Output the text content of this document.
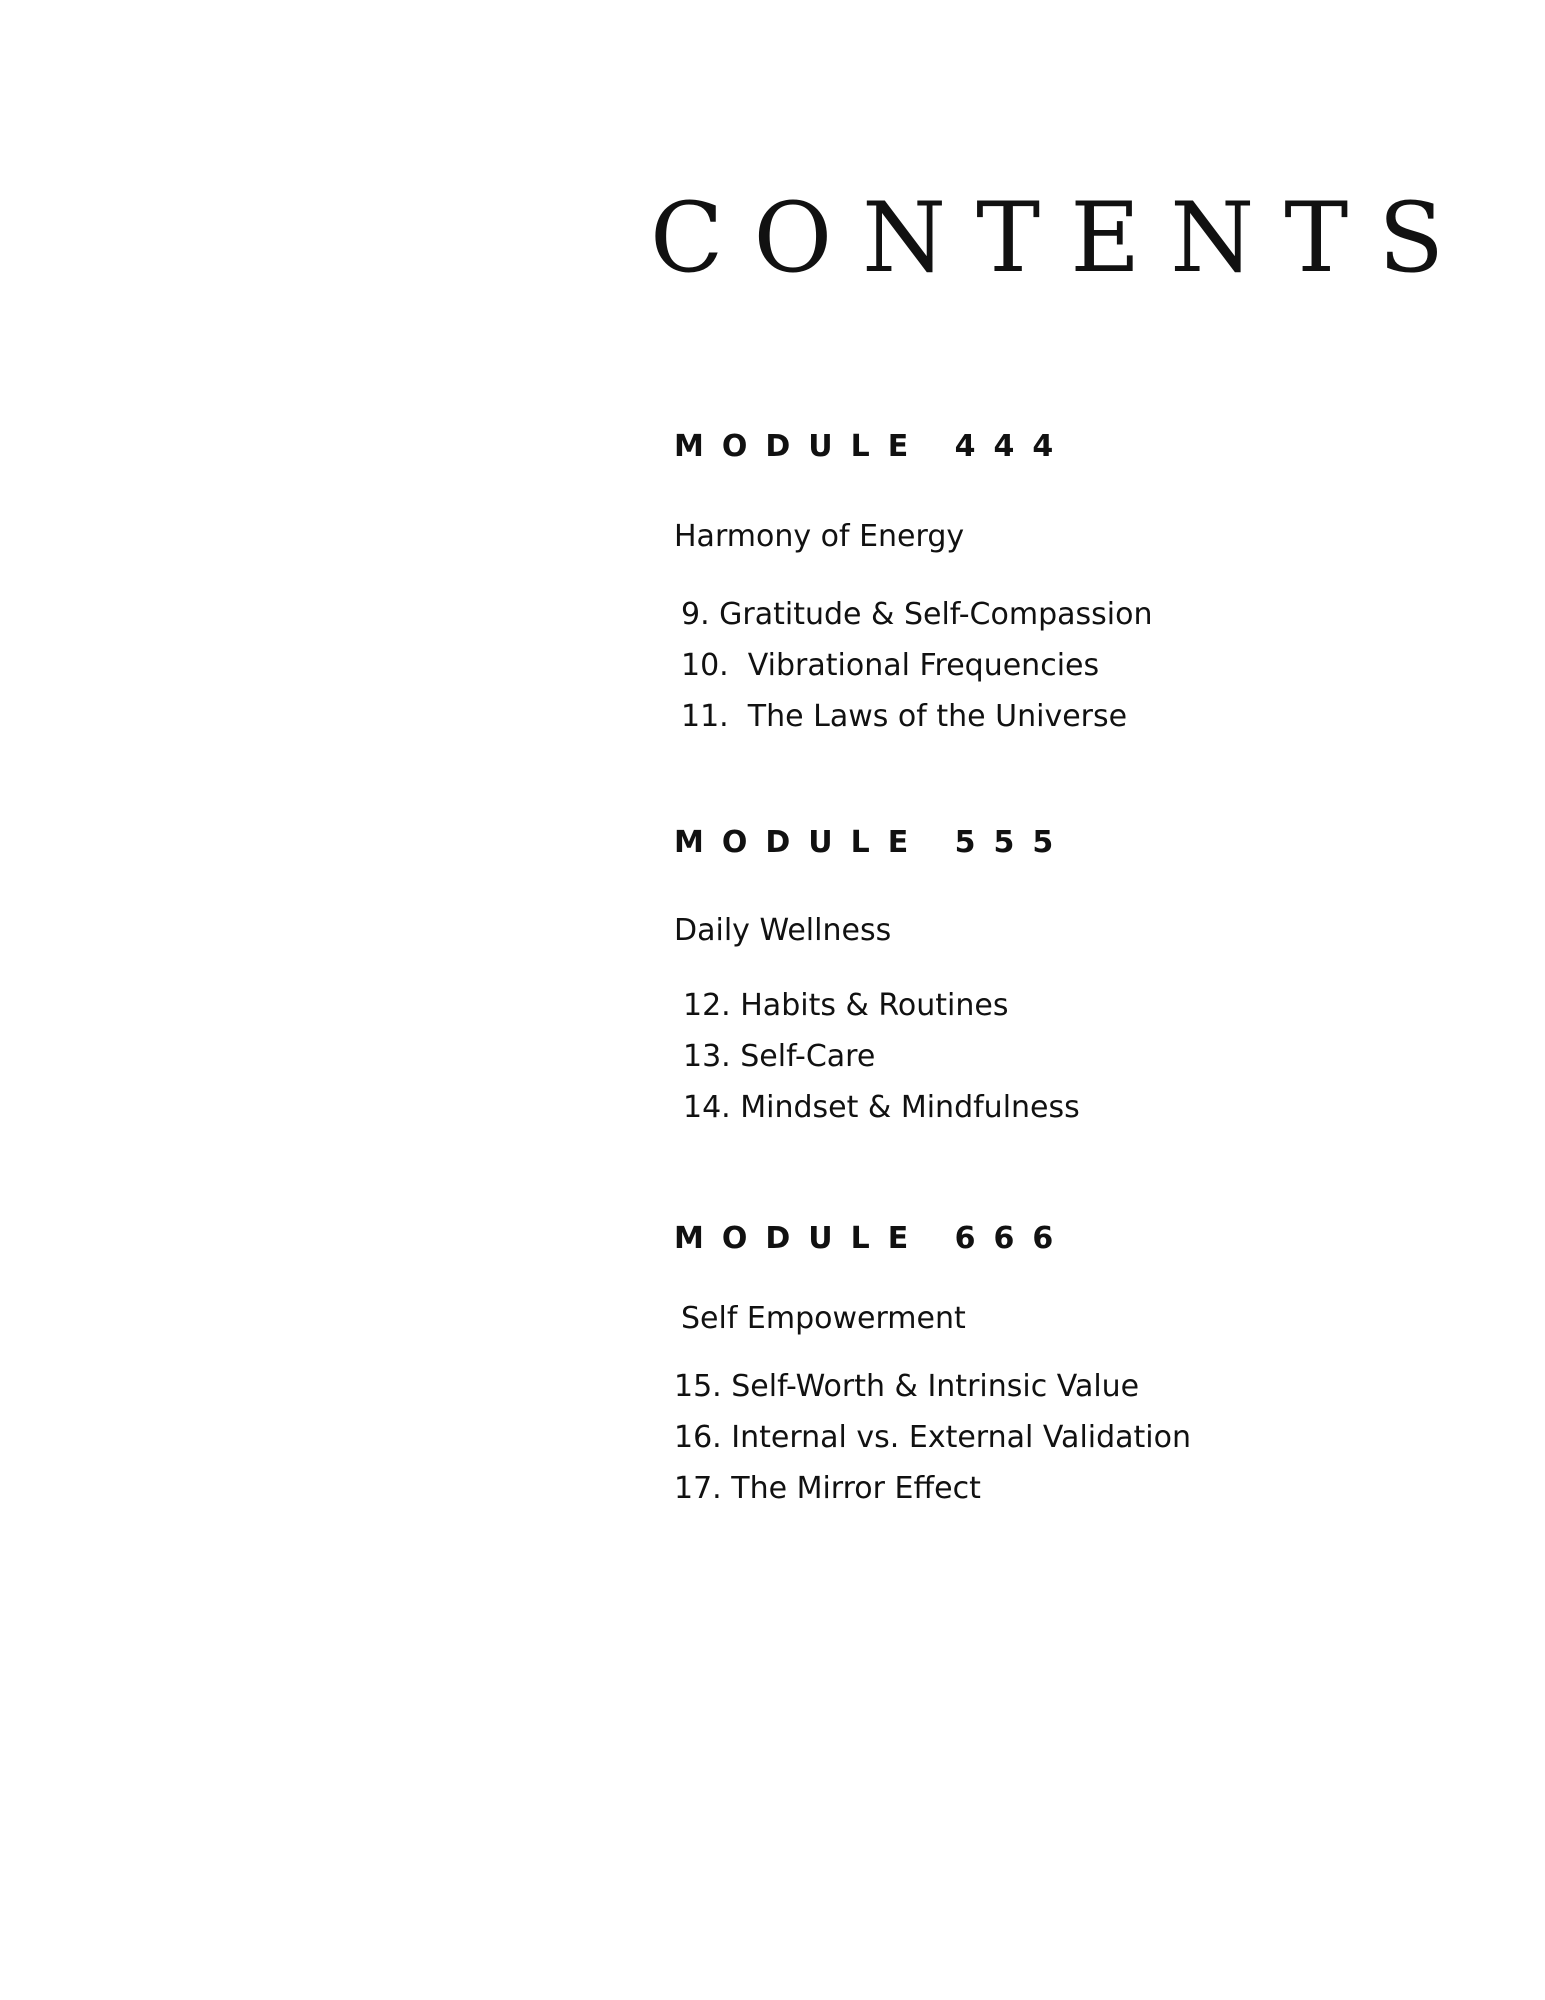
CONTENTS
MODULE 444

Harmony of Energy

9. Gratitude & Self-Compassion
10.  Vibrational Frequencies
11.  The Laws of the Universe
MODULE 555

Daily Wellness

12. Habits & Routines
13. Self-Care
14. Mindset & Mindfulness
MODULE 666

Self Empowerment

15. Self-Worth & Intrinsic Value
16. Internal vs. External Validation
17. The Mirror Effect
